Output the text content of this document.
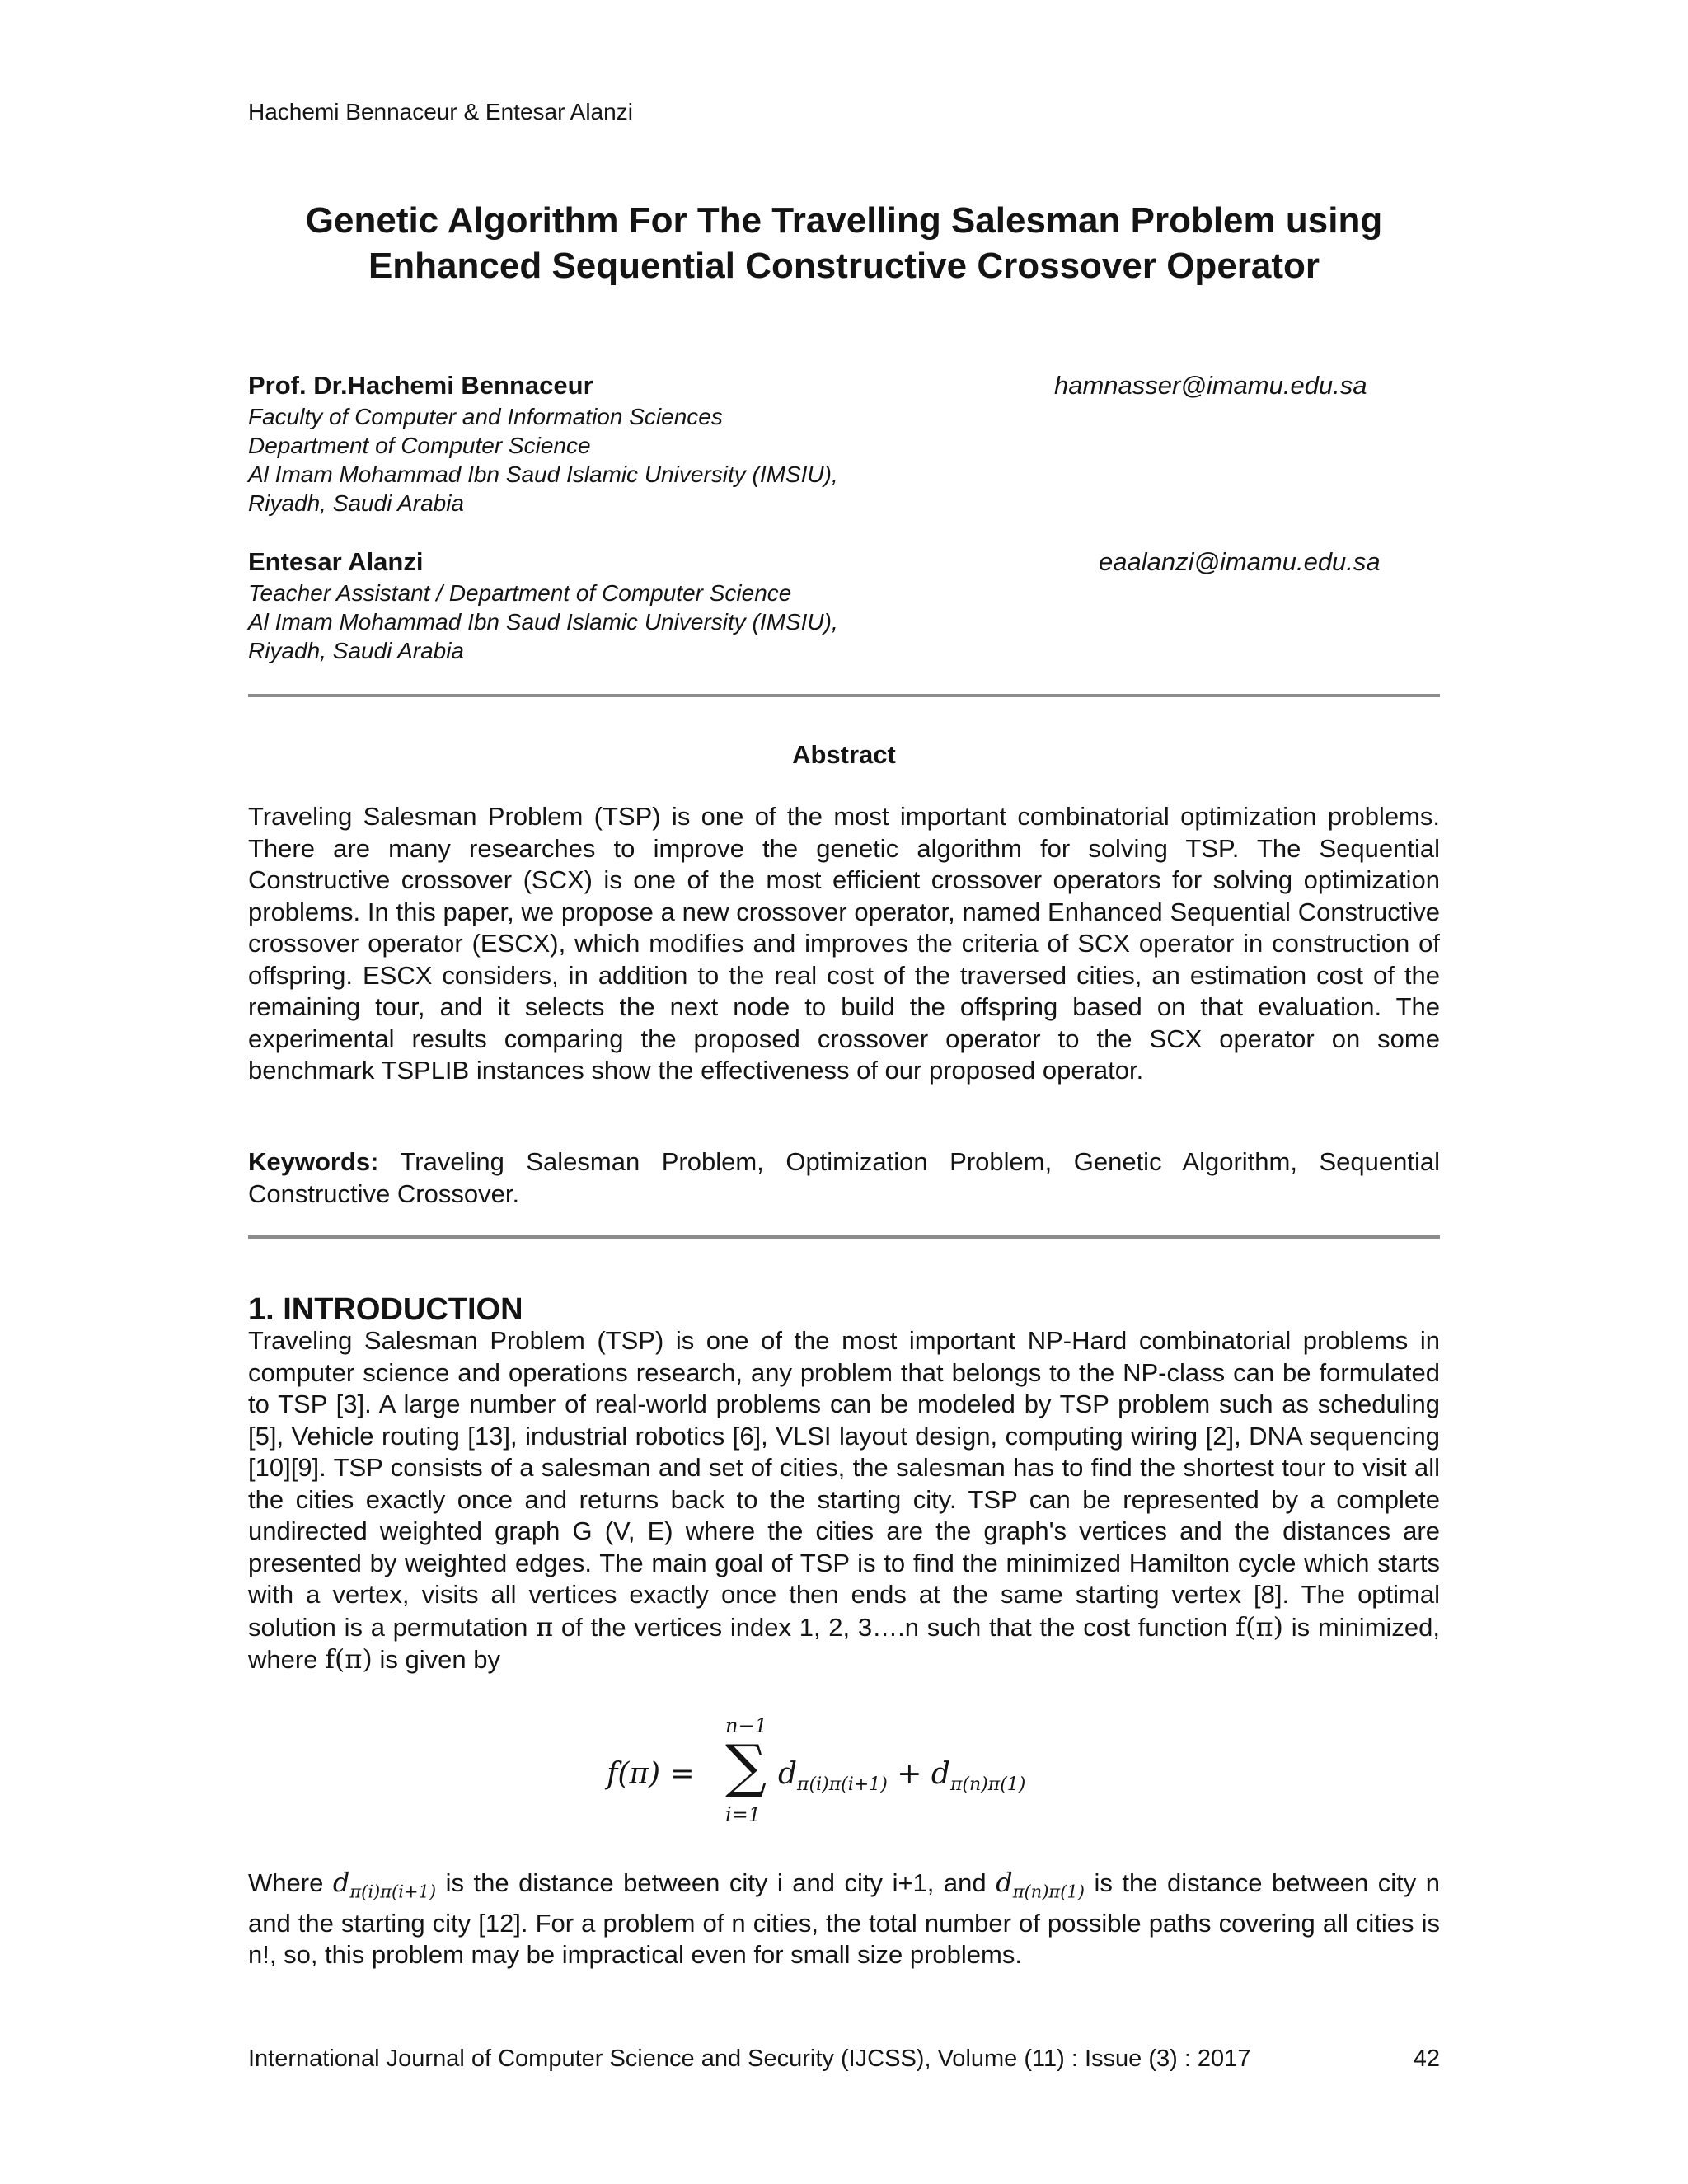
Hachemi Bennaceur & Entesar Alanzi
Genetic Algorithm For The Travelling Salesman Problem using
Enhanced Sequential Constructive Crossover Operator
Prof. Dr.Hachemi Bennaceur	hamnasser@imamu.edu.sa
Faculty of Computer and Information Sciences
Department of Computer Science
Al Imam Mohammad Ibn Saud Islamic University (IMSIU),
Riyadh, Saudi Arabia
Entesar Alanzi	eaalanzi@imamu.edu.sa
Teacher Assistant / Department of Computer Science
Al Imam Mohammad Ibn Saud Islamic University (IMSIU),
Riyadh, Saudi Arabia
Abstract
Traveling Salesman Problem (TSP) is one of the most important combinatorial optimization problems. There are many researches to improve the genetic algorithm for solving TSP. The Sequential Constructive crossover (SCX) is one of the most efficient crossover operators for solving optimization problems. In this paper, we propose a new crossover operator, named Enhanced Sequential Constructive crossover operator (ESCX), which modifies and improves the criteria of SCX operator in construction of offspring. ESCX considers, in addition to the real cost of the traversed cities, an estimation cost of the remaining tour, and it selects the next node to build the offspring based on that evaluation. The experimental results comparing the proposed crossover operator to the SCX operator on some benchmark TSPLIB instances show the effectiveness of our proposed operator.
Keywords: Traveling Salesman Problem, Optimization Problem, Genetic Algorithm, Sequential Constructive Crossover.
1. INTRODUCTION
Traveling Salesman Problem (TSP) is one of the most important NP-Hard combinatorial problems in computer science and operations research, any problem that belongs to the NP-class can be formulated to TSP [3]. A large number of real-world problems can be modeled by TSP problem such as scheduling [5], Vehicle routing [13], industrial robotics [6], VLSI layout design, computing wiring [2], DNA sequencing [10][9]. TSP consists of a salesman and set of cities, the salesman has to find the shortest tour to visit all the cities exactly once and returns back to the starting city. TSP can be represented by a complete undirected weighted graph G (V, E) where the cities are the graph's vertices and the distances are presented by weighted edges. The main goal of TSP is to find the minimized Hamilton cycle which starts with a vertex, visits all vertices exactly once then ends at the same starting vertex [8]. The optimal solution is a permutation π of the vertices index 1, 2, 3….n such that the cost function f(π) is minimized, where f(π) is given by
f(π) =
n−1
∑
i=1
$d_{\pi(i)\pi(i+1)} + d_{\pi(n)\pi(1)}$
Where $d_{\pi(i)\pi(i+1)}$ is the distance between city i and city i+1, and $d_{\pi(n)\pi(1)}$ is the distance between city n and the starting city [12]. For a problem of n cities, the total number of possible paths covering all cities is n!, so, this problem may be impractical even for small size problems.
International Journal of Computer Science and Security (IJCSS), Volume (11) : Issue (3) : 2017	42
